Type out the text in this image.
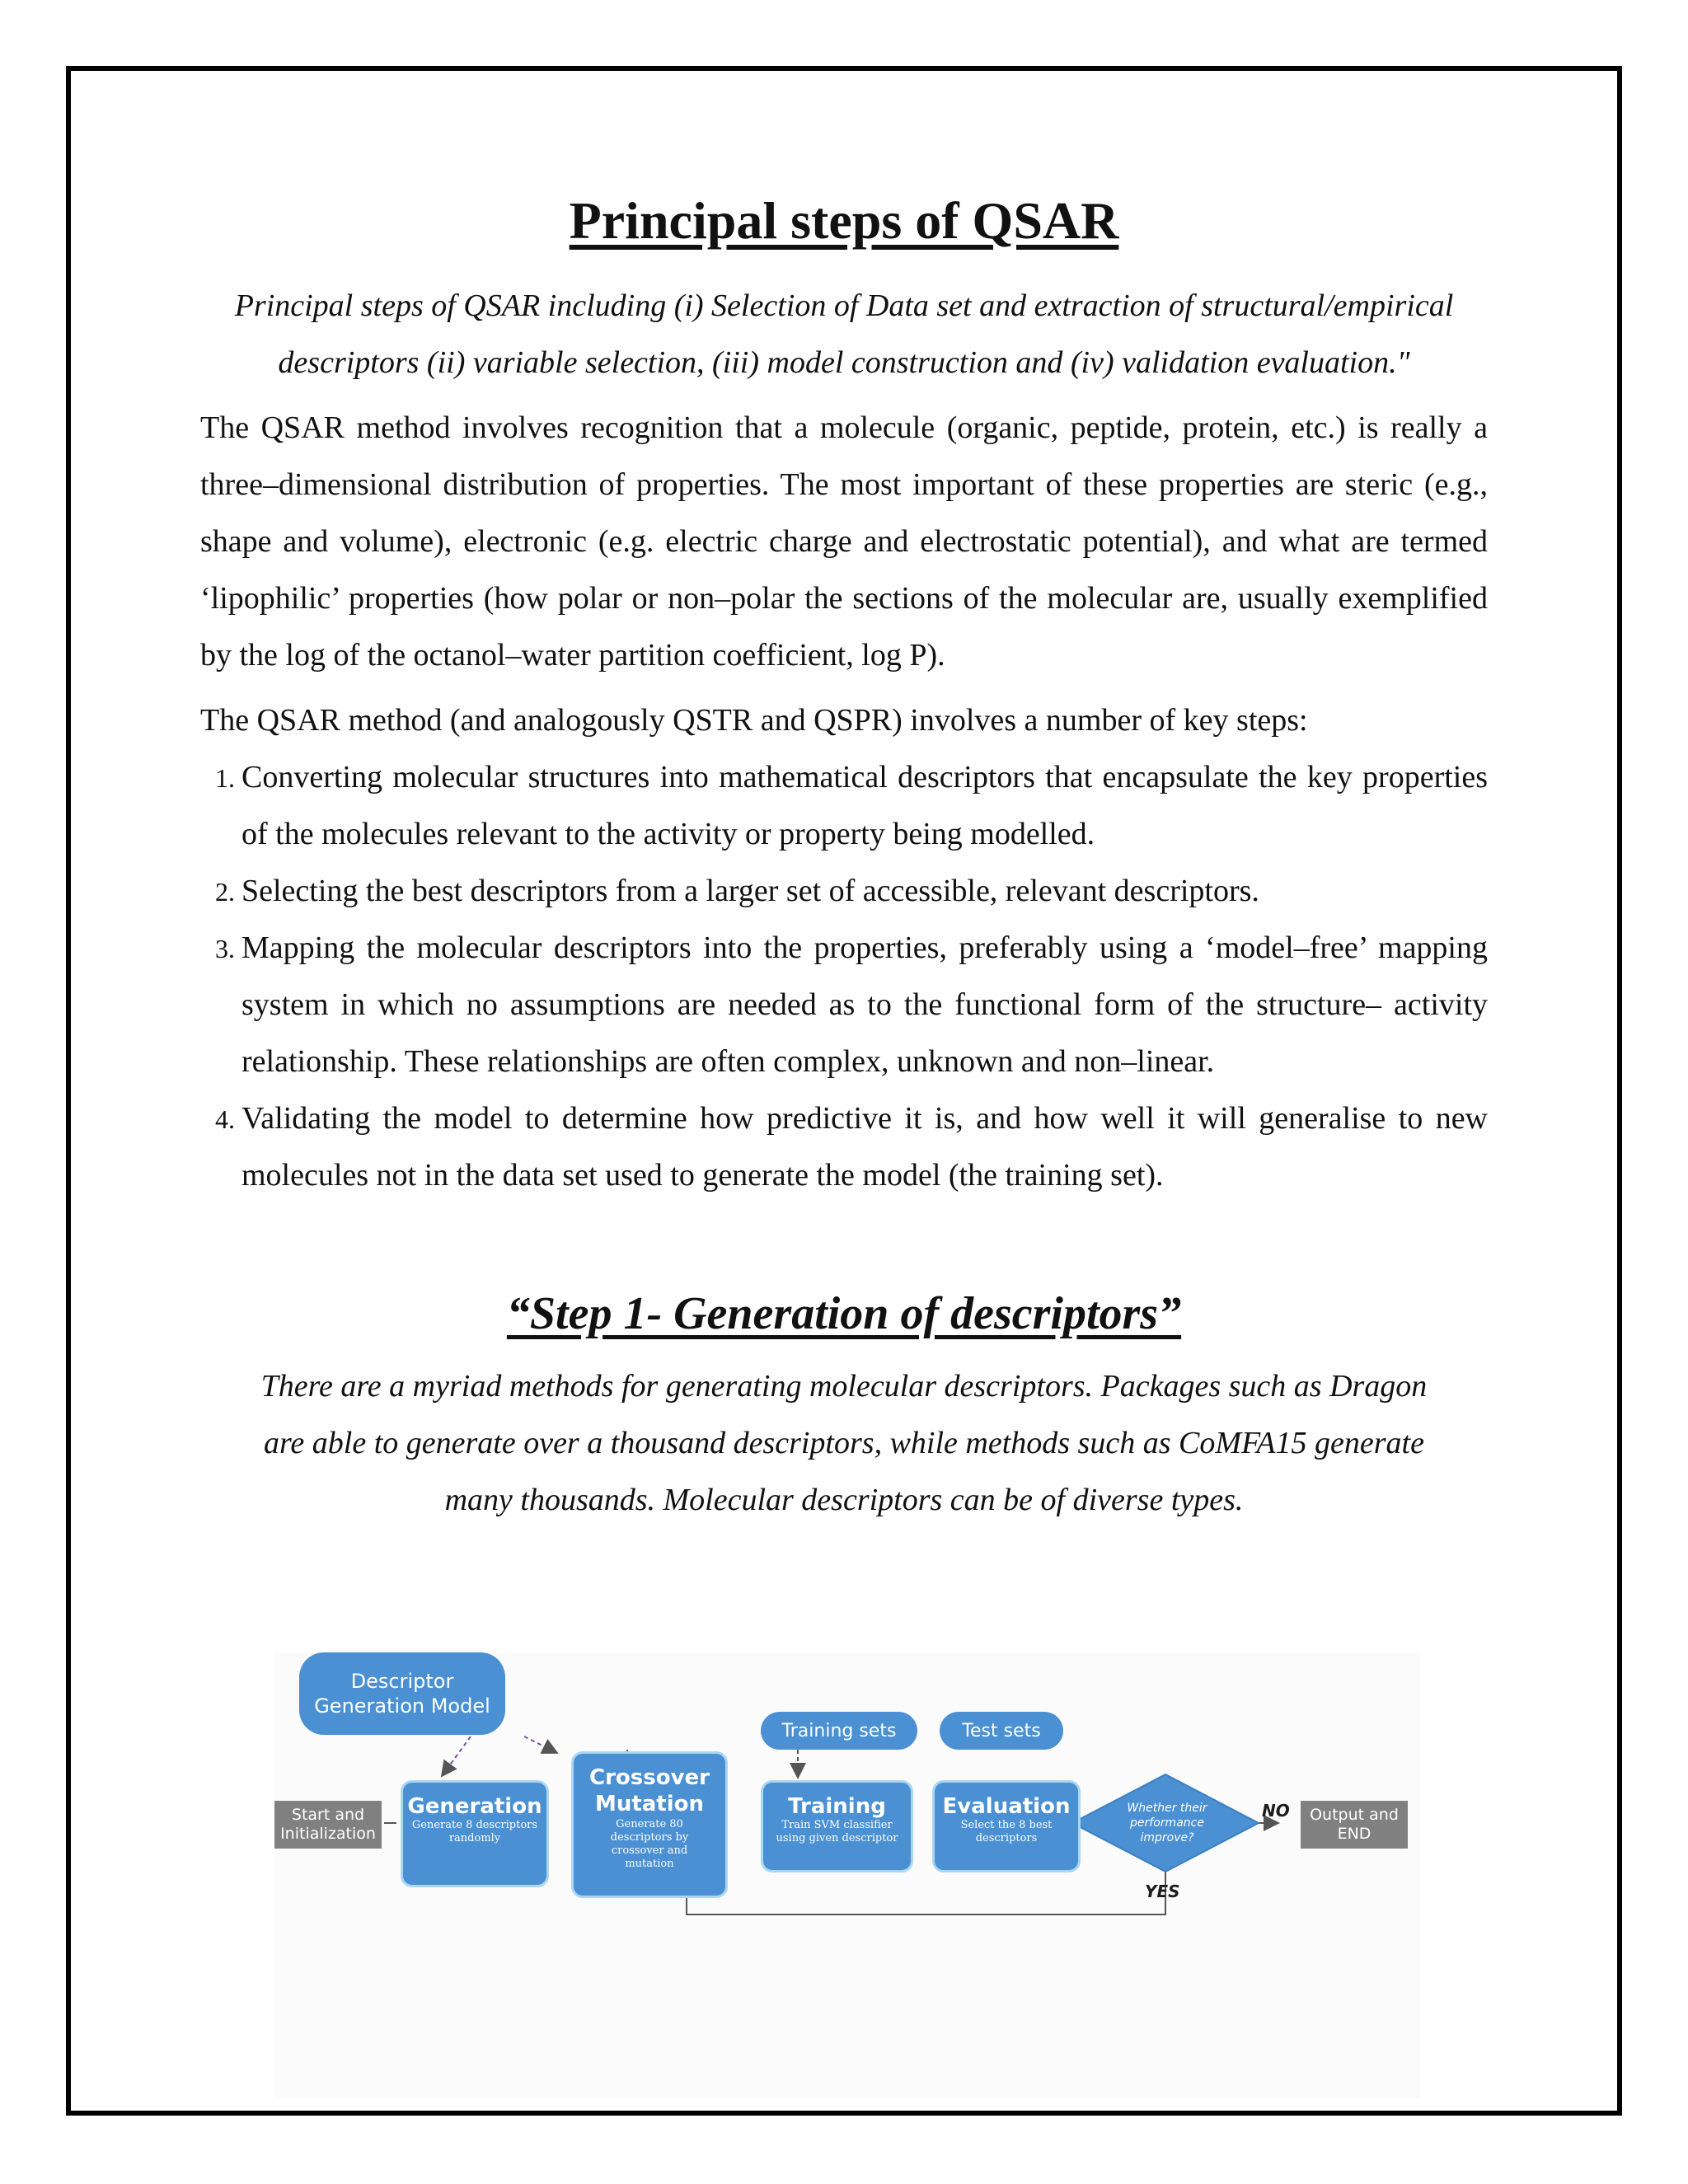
Principal steps of QSAR

Principal steps of QSAR including (i) Selection of Data set and extraction of structural/empirical descriptors (ii) variable selection, (iii) model construction and (iv) validation evaluation."

The QSAR method involves recognition that a molecule (organic, peptide, protein, etc.) is really a three–dimensional distribution of properties. The most important of these properties are steric (e.g., shape and volume), electronic (e.g. electric charge and electrostatic potential), and what are termed ‘lipophilic’ properties (how polar or non–polar the sections of the molecular are, usually exemplified by the log of the octanol–water partition coefficient, log P).

The QSAR method (and analogously QSTR and QSPR) involves a number of key steps:

1. Converting molecular structures into mathematical descriptors that encapsulate the key properties of the molecules relevant to the activity or property being modelled.
2. Selecting the best descriptors from a larger set of accessible, relevant descriptors.
3. Mapping the molecular descriptors into the properties, preferably using a ‘model–free’ mapping system in which no assumptions are needed as to the functional form of the structure– activity relationship. These relationships are often complex, unknown and non–linear.
4. Validating the model to determine how predictive it is, and how well it will generalise to new molecules not in the data set used to generate the model (the training set).
“Step 1- Generation of descriptors”

There are a myriad methods for generating molecular descriptors. Packages such as Dragon
are able to generate over a thousand descriptors, while methods such as CoMFA15 generate
many thousands. Molecular descriptors can be of diverse types.

Descriptor
Generation Model
Training sets	Test sets
Start and
Initialization
Generation
Generate 8 descriptors randomly
Crossover
Mutation
Generate 80 descriptors by crossover and mutation
Training
Train SVM classifier using given descriptor
Evaluation
Select the 8 best descriptors
Whether their
performance
improve?
NO
YES
Output and
END
